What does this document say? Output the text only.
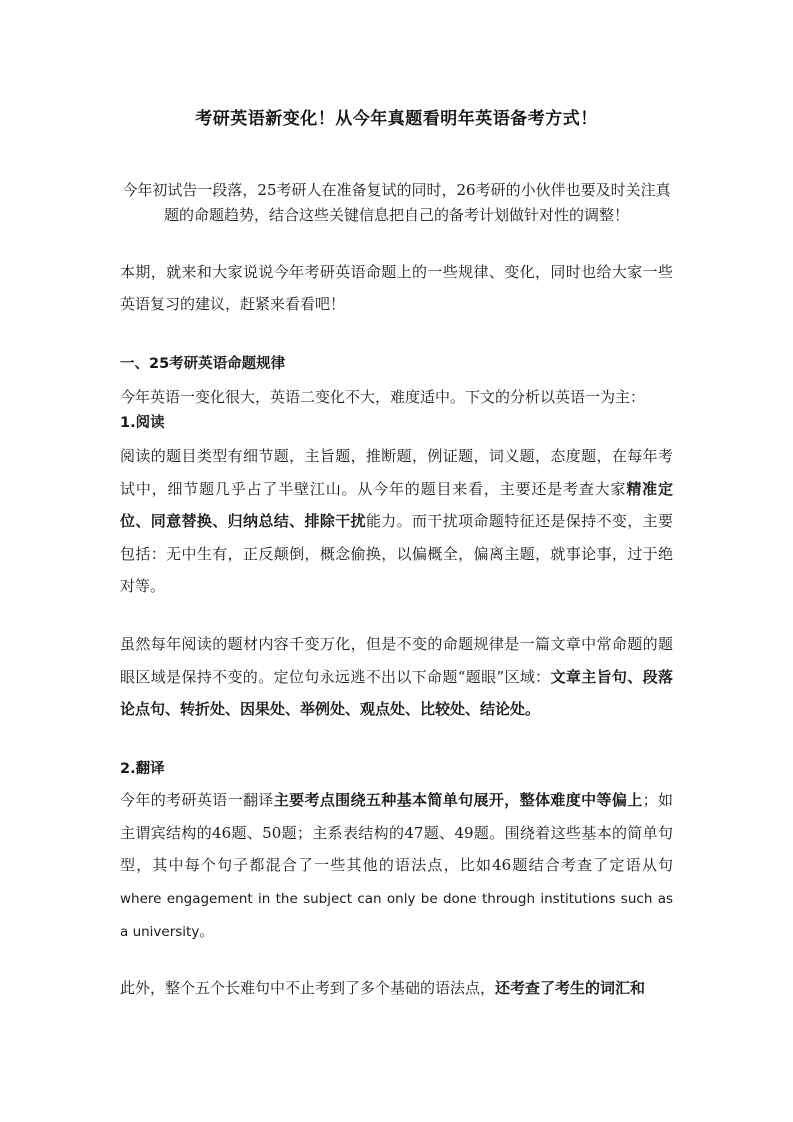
考研英语新变化！从今年真题看明年英语备考方式！
今年初试告一段落，25考研人在准备复试的同时，26考研的小伙伴也要及时关注真题的命题趋势，结合这些关键信息把自己的备考计划做针对性的调整！
本期，就来和大家说说今年考研英语命题上的一些规律、变化，同时也给大家一些英语复习的建议，赶紧来看看吧！
一、25考研英语命题规律
今年英语一变化很大，英语二变化不大，难度适中。下文的分析以英语一为主：
1.阅读
阅读的题目类型有细节题，主旨题，推断题，例证题，词义题，态度题，在每年考试中，细节题几乎占了半壁江山。从今年的题目来看，主要还是考查大家精准定位、同意替换、归纳总结、排除干扰能力。而干扰项命题特征还是保持不变，主要包括：无中生有，正反颠倒，概念偷换，以偏概全，偏离主题，就事论事，过于绝对等。
虽然每年阅读的题材内容千变万化，但是不变的命题规律是一篇文章中常命题的题眼区域是保持不变的。定位句永远逃不出以下命题“题眼”区域：文章主旨句、段落论点句、转折处、因果处、举例处、观点处、比较处、结论处。
2.翻译
今年的考研英语一翻译主要考点围绕五种基本简单句展开，整体难度中等偏上；如主谓宾结构的46题、50题；主系表结构的47题、49题。围绕着这些基本的简单句型，其中每个句子都混合了一些其他的语法点，比如46题结合考查了定语从句 where engagement in the subject can only be done through institutions such as a university。
此外，整个五个长难句中不止考到了多个基础的语法点，还考查了考生的词汇和
